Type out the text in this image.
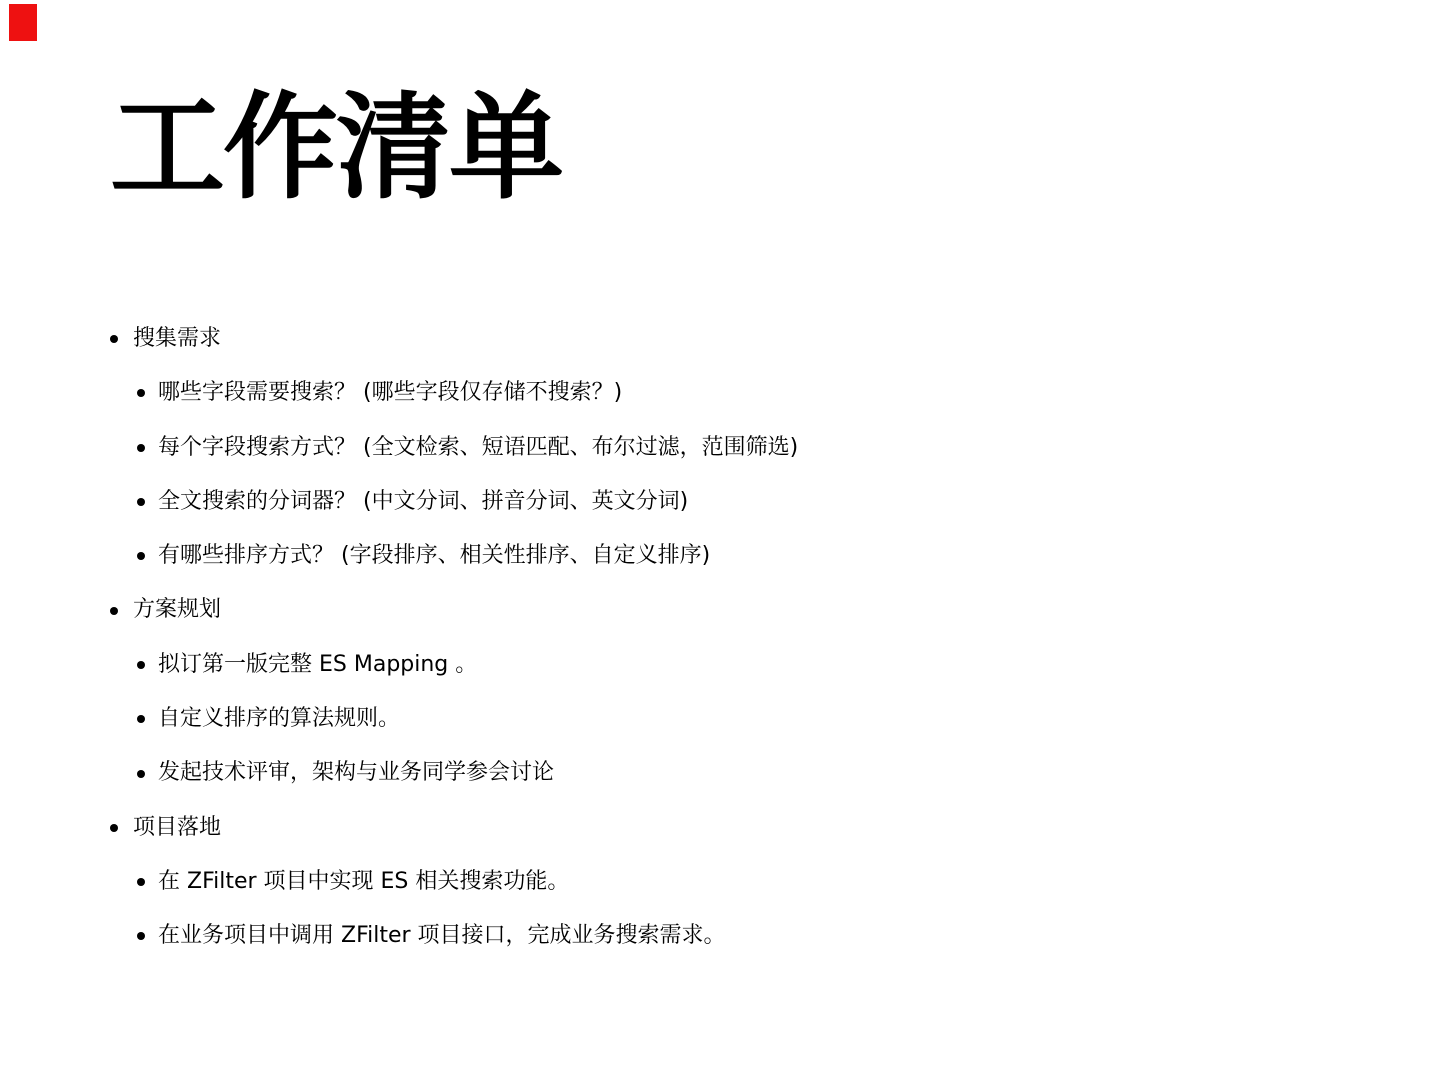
工作清单
搜集需求
哪些字段需要搜索？ (哪些字段仅存储不搜索？)
每个字段搜索方式？ (全文检索、短语匹配、布尔过滤，范围筛选)
全文搜索的分词器？ (中文分词、拼音分词、英文分词)
有哪些排序方式？ (字段排序、相关性排序、自定义排序)
方案规划
拟订第一版完整 ES Mapping 。
自定义排序的算法规则。
发起技术评审，架构与业务同学参会讨论
项目落地
在 ZFilter 项目中实现 ES 相关搜索功能。
在业务项目中调用 ZFilter 项目接口，完成业务搜索需求。
